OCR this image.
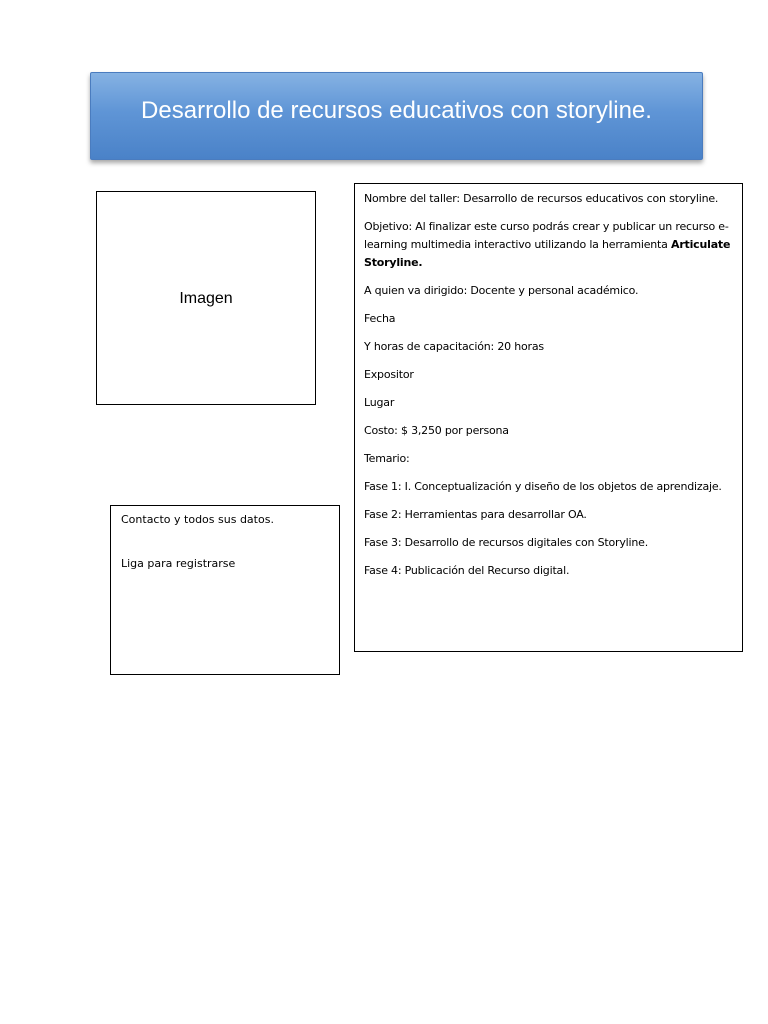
Desarrollo de recursos educativos con storyline.
Imagen

Contacto y todos sus datos.

Liga para registrarse

Nombre del taller: Desarrollo de recursos educativos con storyline.

Objetivo: Al finalizar este curso podrás crear y publicar un recurso e-learning multimedia interactivo utilizando la herramienta Articulate Storyline.

A quien va dirigido: Docente y personal académico.

Fecha

Y horas de capacitación: 20 horas

Expositor

Lugar

Costo: $ 3,250 por persona

Temario:

Fase 1: I. Conceptualización y diseño de los objetos de aprendizaje.

Fase 2: Herramientas para desarrollar OA.

Fase 3: Desarrollo de recursos digitales con Storyline.

Fase 4: Publicación del Recurso digital.
